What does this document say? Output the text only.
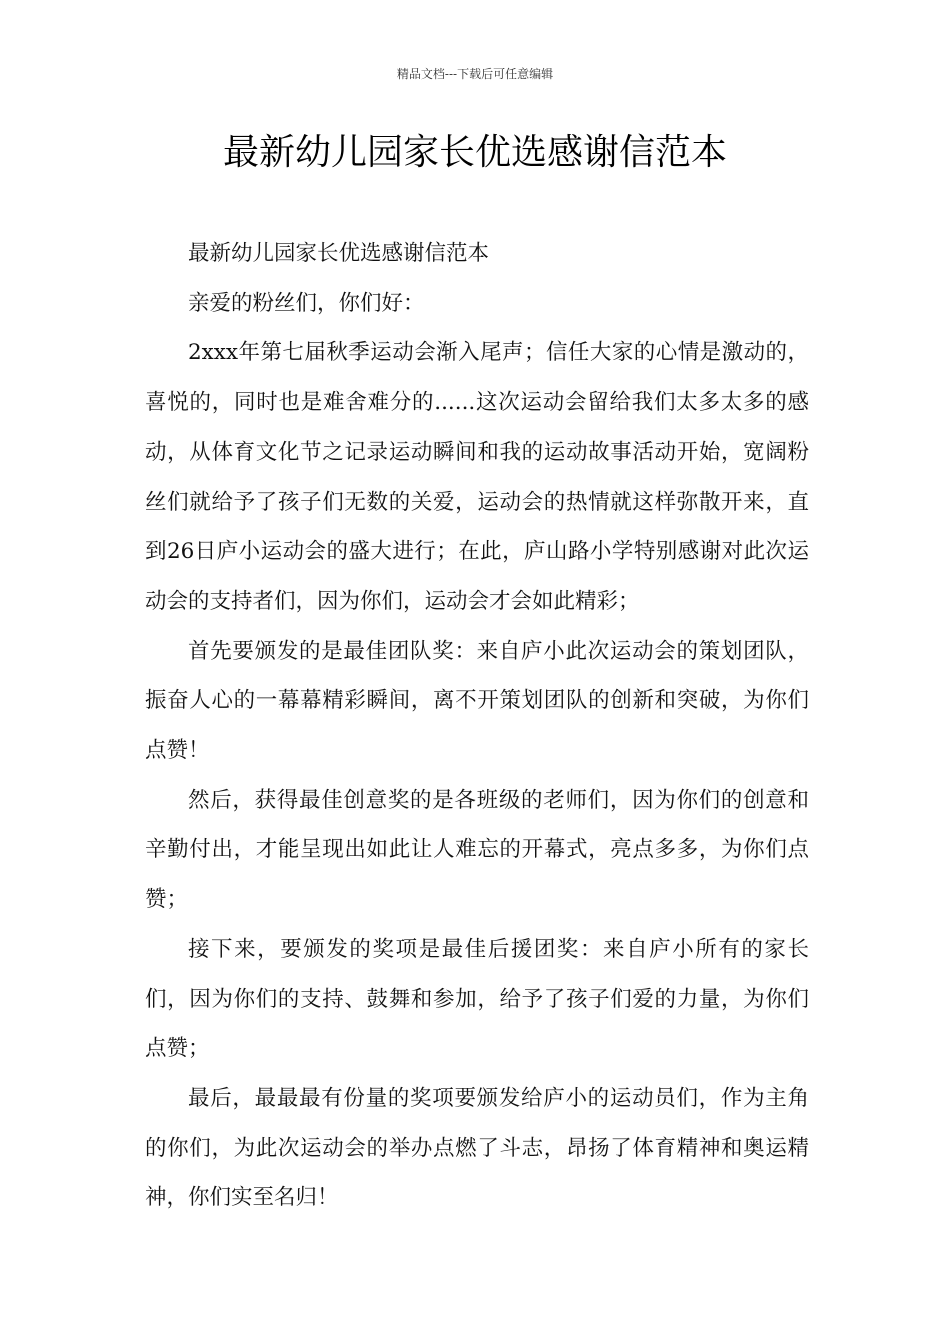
精品文档---下载后可任意编辑
最新幼儿园家长优选感谢信范本

最新幼儿园家长优选感谢信范本

亲爱的粉丝们，你们好：

2xxx年第七届秋季运动会渐入尾声；信任大家的心情是激动的，喜悦的，同时也是难舍难分的......这次运动会留给我们太多太多的感动，从体育文化节之记录运动瞬间和我的运动故事活动开始，宽阔粉丝们就给予了孩子们无数的关爱，运动会的热情就这样弥散开来，直到26日庐小运动会的盛大进行；在此，庐山路小学特别感谢对此次运动会的支持者们，因为你们，运动会才会如此精彩；

首先要颁发的是最佳团队奖：来自庐小此次运动会的策划团队，振奋人心的一幕幕精彩瞬间，离不开策划团队的创新和突破，为你们点赞！

然后，获得最佳创意奖的是各班级的老师们，因为你们的创意和辛勤付出，才能呈现出如此让人难忘的开幕式，亮点多多，为你们点赞；

接下来，要颁发的奖项是最佳后援团奖：来自庐小所有的家长们，因为你们的支持、鼓舞和参加，给予了孩子们爱的力量，为你们点赞；

最后，最最最有份量的奖项要颁发给庐小的运动员们，作为主角的你们，为此次运动会的举办点燃了斗志，昂扬了体育精神和奥运精神，你们实至名归！
